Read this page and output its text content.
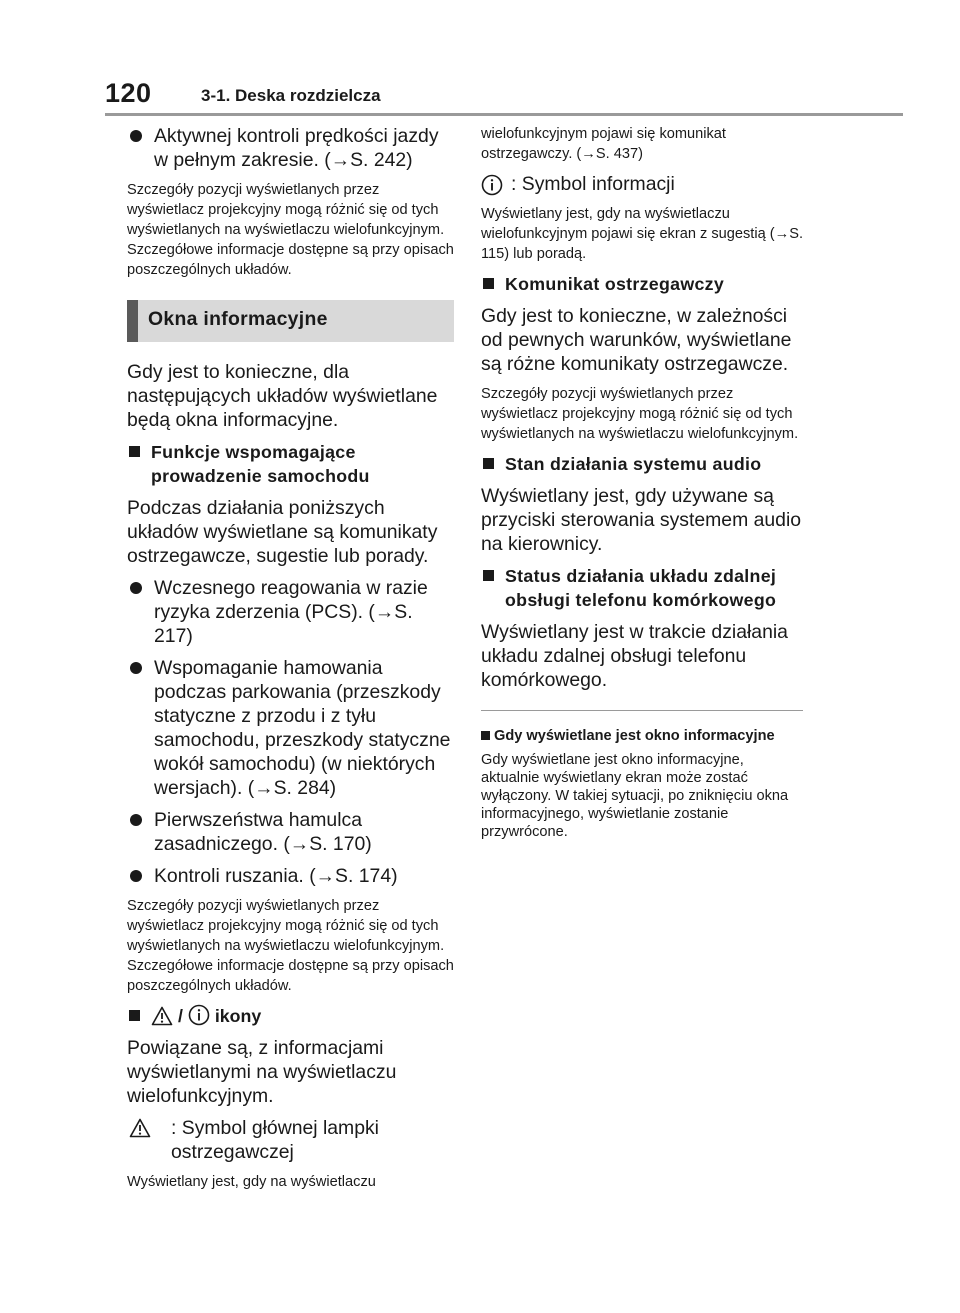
120	3-1. Deska rozdzielcza

Aktywnej kontroli prędkości jazdy w pełnym zakresie. (→S. 242)

Szczegóły pozycji wyświetlanych przez wyświetlacz projekcyjny mogą różnić się od tych wyświetlanych na wyświetlaczu wielofunkcyjnym. Szczegółowe informacje dostępne są przy opisach poszczególnych układów.

Okna informacyjne

Gdy jest to konieczne, dla następujących układów wyświetlane będą okna informacyjne.

Funkcje wspomagające prowadzenie samochodu

Podczas działania poniższych układów wyświetlane są komunikaty ostrzegawcze, sugestie lub porady.

Wczesnego reagowania w razie ryzyka zderzenia (PCS). (→S. 217)

Wspomaganie hamowania podczas parkowania (przeszkody statyczne z przodu i z tyłu samochodu, przeszkody statyczne wokół samochodu) (w niektórych wersjach). (→S. 284)

Pierwszeństwa hamulca zasadniczego. (→S. 170)

Kontroli ruszania. (→S. 174)

Szczegóły pozycji wyświetlanych przez wyświetlacz projekcyjny mogą różnić się od tych wyświetlanych na wyświetlaczu wielofunkcyjnym. Szczegółowe informacje dostępne są przy opisach poszczególnych układów.

/ ikony

Powiązane są, z informacjami wyświetlanymi na wyświetlaczu wielofunkcyjnym.

: Symbol głównej lampki ostrzegawczej

Wyświetlany jest, gdy na wyświetlaczu

wielofunkcyjnym pojawi się komunikat ostrzegawczy. (→S. 437)

: Symbol informacji

Wyświetlany jest, gdy na wyświetlaczu wielofunkcyjnym pojawi się ekran z sugestią (→S. 115) lub poradą.

Komunikat ostrzegawczy

Gdy jest to konieczne, w zależności od pewnych warunków, wyświetlane są różne komunikaty ostrzegawcze.

Szczegóły pozycji wyświetlanych przez wyświetlacz projekcyjny mogą różnić się od tych wyświetlanych na wyświetlaczu wielofunkcyjnym.

Stan działania systemu audio

Wyświetlany jest, gdy używane są przyciski sterowania systemem audio na kierownicy.

Status działania układu zdalnej obsługi telefonu komórkowego

Wyświetlany jest w trakcie działania układu zdalnej obsługi telefonu komórkowego.

Gdy wyświetlane jest okno informacyjne

Gdy wyświetlane jest okno informacyjne, aktualnie wyświetlany ekran może zostać wyłączony. W takiej sytuacji, po zniknięciu okna informacyjnego, wyświetlanie zostanie przywrócone.
